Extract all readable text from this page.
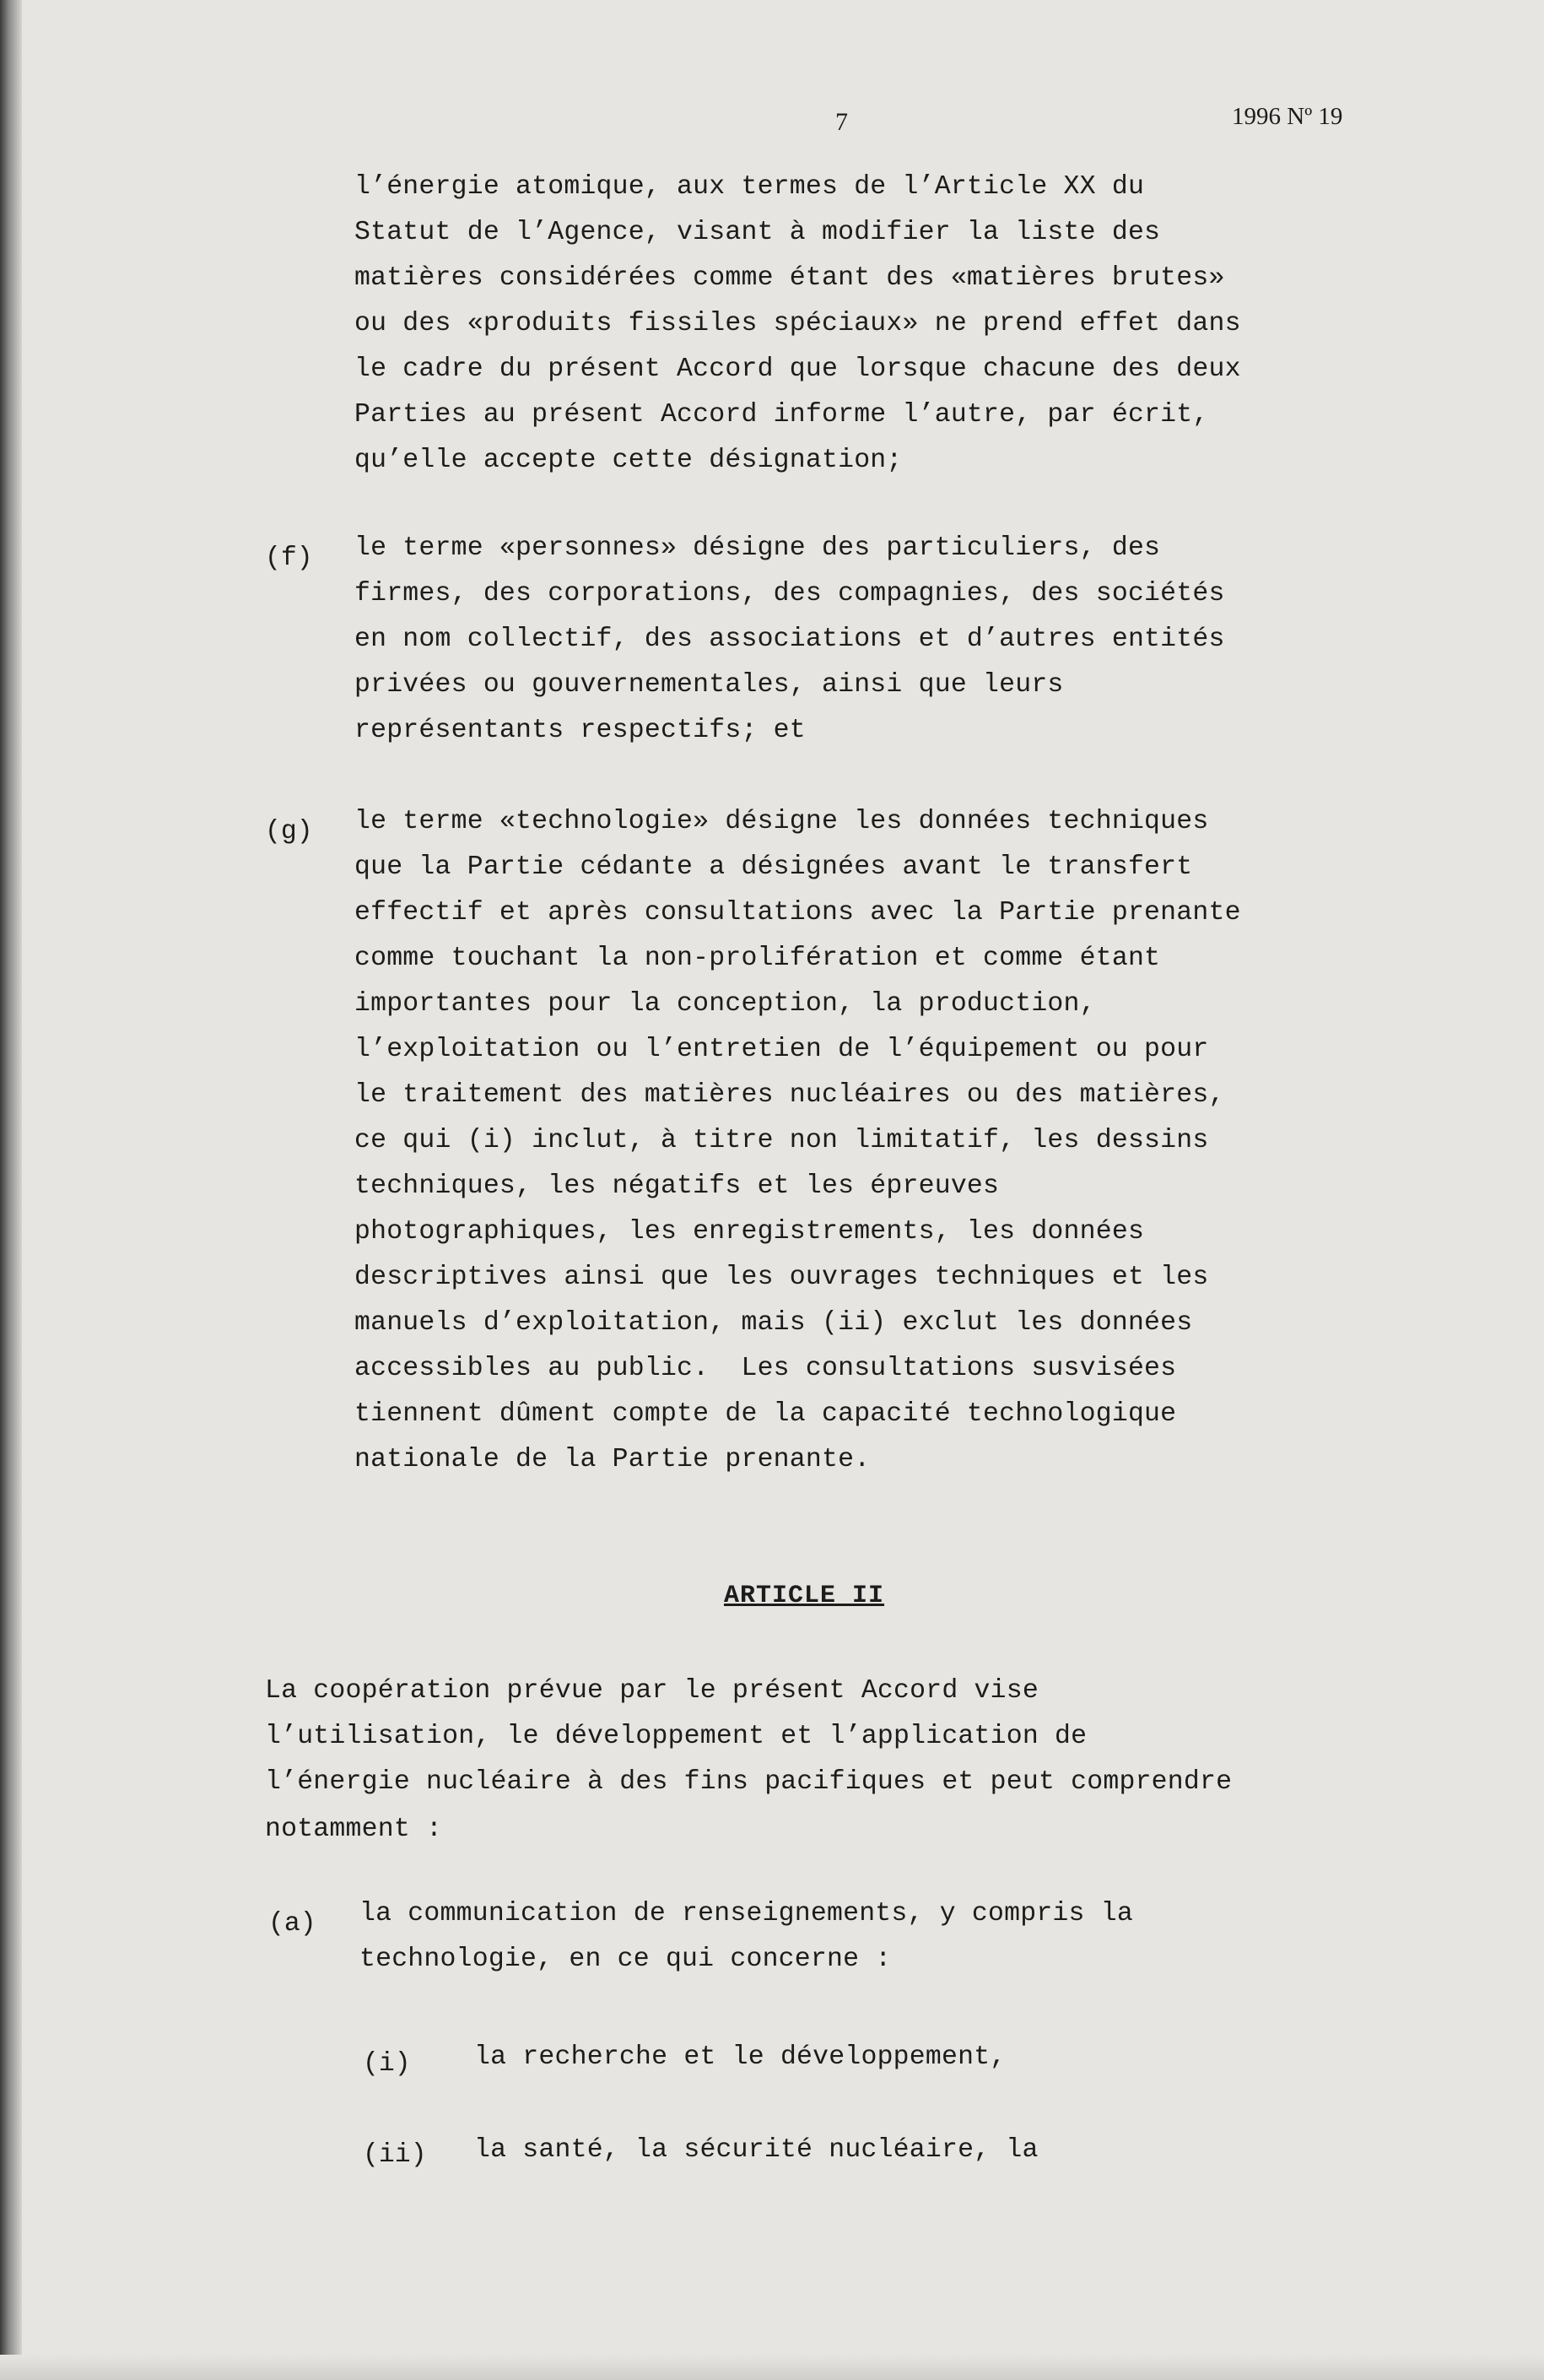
7	1996 Nº 19
l’énergie atomique, aux termes de l’Article XX du
Statut de l’Agence, visant à modifier la liste des
matières considérées comme étant des «matières brutes»
ou des «produits fissiles spéciaux» ne prend effet dans
le cadre du présent Accord que lorsque chacune des deux
Parties au présent Accord informe l’autre, par écrit,
qu’elle accepte cette désignation;
(f) le terme «personnes» désigne des particuliers, des
firmes, des corporations, des compagnies, des sociétés
en nom collectif, des associations et d’autres entités
privées ou gouvernementales, ainsi que leurs
représentants respectifs; et
(g) le terme «technologie» désigne les données techniques
que la Partie cédante a désignées avant le transfert
effectif et après consultations avec la Partie prenante
comme touchant la non-prolifération et comme étant
importantes pour la conception, la production,
l’exploitation ou l’entretien de l’équipement ou pour
le traitement des matières nucléaires ou des matières,
ce qui (i) inclut, à titre non limitatif, les dessins
techniques, les négatifs et les épreuves
photographiques, les enregistrements, les données
descriptives ainsi que les ouvrages techniques et les
manuels d’exploitation, mais (ii) exclut les données
accessibles au public.  Les consultations susvisées
tiennent dûment compte de la capacité technologique
nationale de la Partie prenante.
ARTICLE II
La coopération prévue par le présent Accord vise
l’utilisation, le développement et l’application de
l’énergie nucléaire à des fins pacifiques et peut comprendre
notamment :
(a) la communication de renseignements, y compris la
technologie, en ce qui concerne :
(i) la recherche et le développement,
(ii) la santé, la sécurité nucléaire, la
